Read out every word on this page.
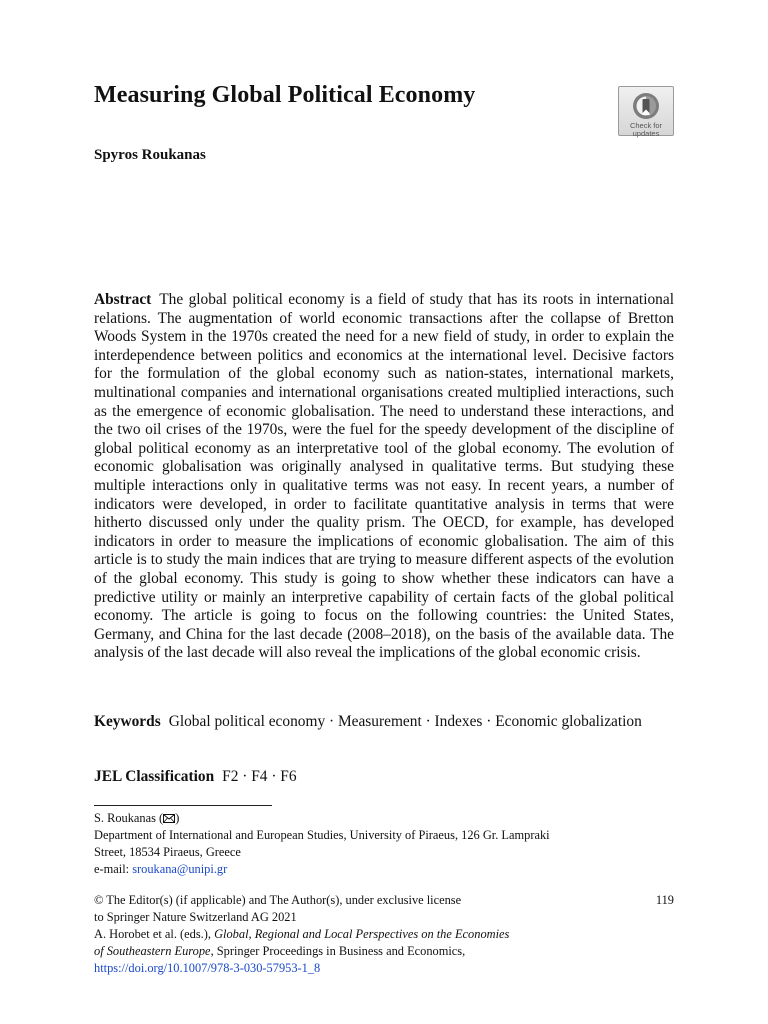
Measuring Global Political Economy
Check for updates

Spyros Roukanas

Abstract The global political economy is a field of study that has its roots in international relations. The augmentation of world economic transactions after the collapse of Bretton Woods System in the 1970s created the need for a new field of study, in order to explain the interdependence between politics and economics at the international level. Decisive factors for the formulation of the global economy such as nation-states, international markets, multinational companies and international organisations created multiplied interactions, such as the emergence of economic globalisation. The need to understand these interactions, and the two oil crises of the 1970s, were the fuel for the speedy development of the discipline of global political economy as an interpretative tool of the global economy. The evolution of economic globalisation was originally analysed in qualitative terms. But studying these multiple interactions only in qualitative terms was not easy. In recent years, a number of indicators were developed, in order to facilitate quantitative analysis in terms that were hitherto discussed only under the quality prism. The OECD, for example, has developed indicators in order to measure the implications of economic globalisation. The aim of this article is to study the main indices that are trying to measure different aspects of the evolution of the global economy. This study is going to show whether these indicators can have a predictive utility or mainly an interpretive capability of certain facts of the global political economy. The article is going to focus on the following countries: the United States, Germany, and China for the last decade (2008–2018), on the basis of the available data. The analysis of the last decade will also reveal the implications of the global economic crisis.

Keywords Global political economy · Measurement · Indexes · Economic globalization

JEL Classification F2 · F4 · F6

S. Roukanas ( )
Department of International and European Studies, University of Piraeus, 126 Gr. Lampraki
Street, 18534 Piraeus, Greece
e-mail: sroukana@unipi.gr
© The Editor(s) (if applicable) and The Author(s), under exclusive license
to Springer Nature Switzerland AG 2021
A. Horobet et al. (eds.), Global, Regional and Local Perspectives on the Economies
of Southeastern Europe, Springer Proceedings in Business and Economics,
https://doi.org/10.1007/978-3-030-57953-1_8
119
